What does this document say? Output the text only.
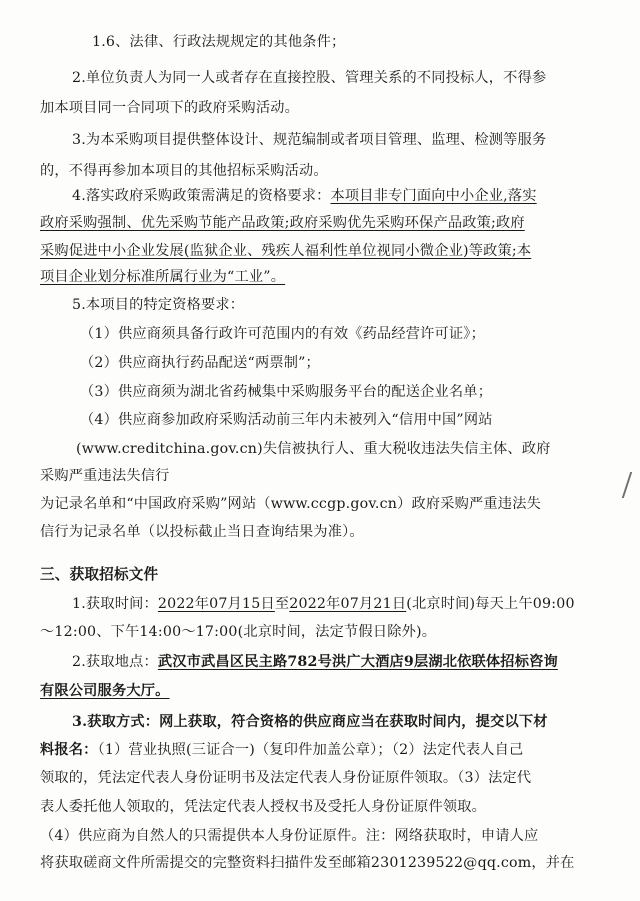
1.6、法律、行政法规规定的其他条件；
2.单位负责人为同一人或者存在直接控股、管理关系的不同投标人，不得参
加本项目同一合同项下的政府采购活动。
3.为本采购项目提供整体设计、规范编制或者项目管理、监理、检测等服务
的，不得再参加本项目的其他招标采购活动。
4.落实政府采购政策需满足的资格要求：本项目非专门面向中小企业,落实
政府采购强制、优先采购节能产品政策;政府采购优先采购环保产品政策;政府
采购促进中小企业发展(监狱企业、残疾人福利性单位视同小微企业)等政策;本
项目企业划分标准所属行业为“工业”。
5.本项目的特定资格要求：
（1）供应商须具备行政许可范围内的有效《药品经营许可证》；
（2）供应商执行药品配送“两票制”；
（3）供应商须为湖北省药械集中采购服务平台的配送企业名单；
（4）供应商参加政府采购活动前三年内未被列入“信用中国”网站
(www.creditchina.gov.cn)失信被执行人、重大税收违法失信主体、政府
采购严重违法失信行
为记录名单和“中国政府采购”网站（www.ccgp.gov.cn）政府采购严重违法失
信行为记录名单（以投标截止当日查询结果为准）。
三、获取招标文件
1.获取时间：2022年07月15日至2022年07月21日(北京时间)每天上午09:00
～12:00、下午14:00～17:00(北京时间，法定节假日除外)。
2.获取地点：武汉市武昌区民主路782号洪广大酒店9层湖北依联体招标咨询
有限公司服务大厅。
3.获取方式：网上获取，符合资格的供应商应当在获取时间内，提交以下材
料报名：（1）营业执照(三证合一)（复印件加盖公章）；（2）法定代表人自己
领取的，凭法定代表人身份证明书及法定代表人身份证原件领取。（3）法定代
表人委托他人领取的，凭法定代表人授权书及受托人身份证原件领取。
（4）供应商为自然人的只需提供本人身份证原件。注：网络获取时，申请人应
将获取磋商文件所需提交的完整资料扫描件发至邮箱2301239522@qq.com，并在
